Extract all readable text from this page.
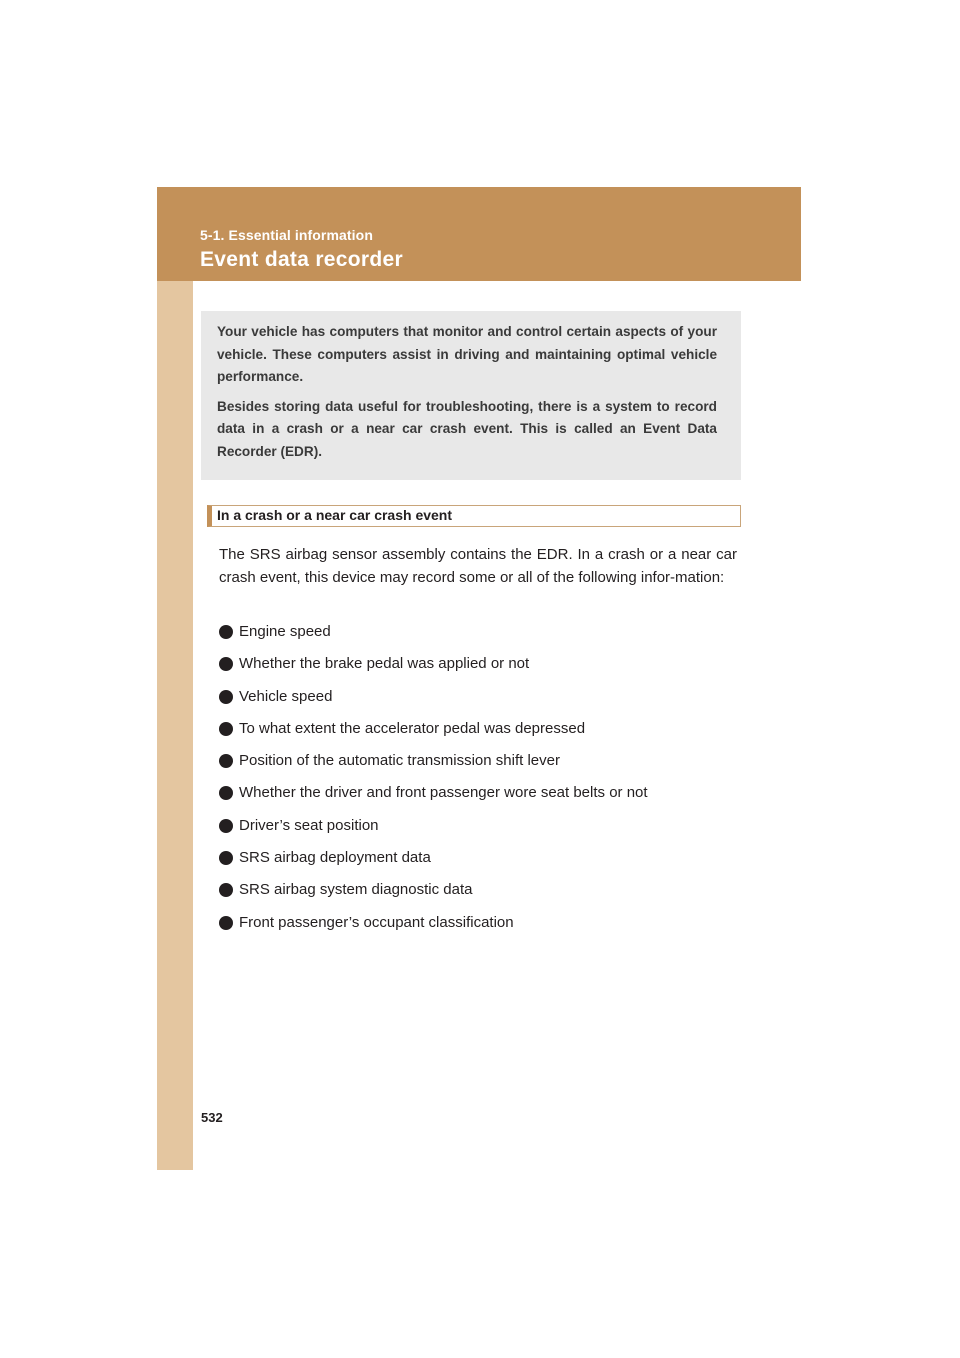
5-1. Essential information
Event data recorder

Your vehicle has computers that monitor and control certain aspects of your vehicle. These computers assist in driving and maintaining optimal vehicle performance.

Besides storing data useful for troubleshooting, there is a system to record data in a crash or a near car crash event. This is called an Event Data Recorder (EDR).

In a crash or a near car crash event

The SRS airbag sensor assembly contains the EDR. In a crash or a near car crash event, this device may record some or all of the following infor-mation:

Engine speed
Whether the brake pedal was applied or not
Vehicle speed
To what extent the accelerator pedal was depressed
Position of the automatic transmission shift lever
Whether the driver and front passenger wore seat belts or not
Driver’s seat position
SRS airbag deployment data
SRS airbag system diagnostic data
Front passenger’s occupant classification
532
